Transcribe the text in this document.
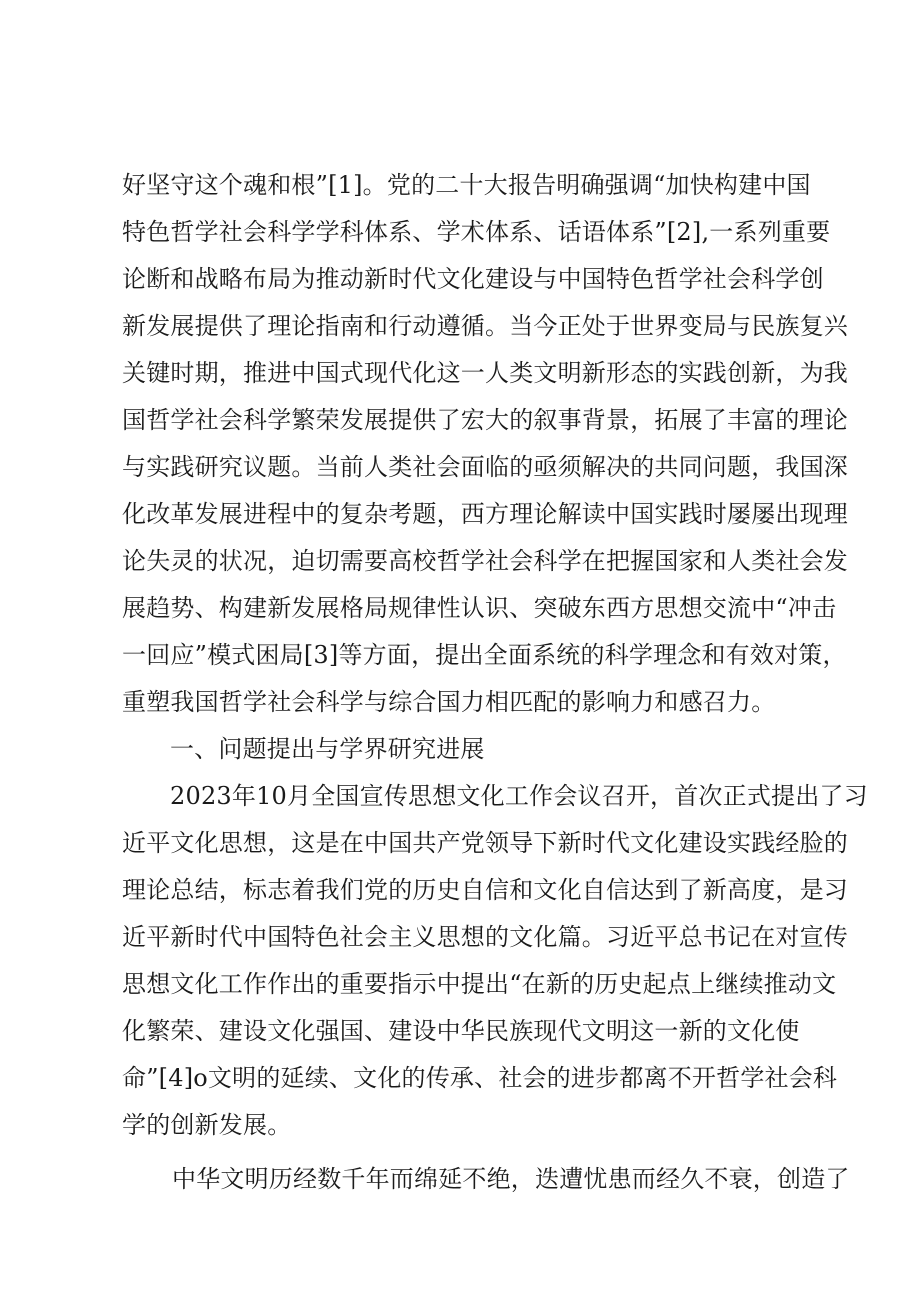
好坚守这个魂和根”[1]。党的二十大报告明确强调“加快构建中国
特色哲学社会科学学科体系、学术体系、话语体系”[2],一系列重要
论断和战略布局为推动新时代文化建设与中国特色哲学社会科学创
新发展提供了理论指南和行动遵循。当今正处于世界变局与民族复兴
关键时期，推进中国式现代化这一人类文明新形态的实践创新，为我
国哲学社会科学繁荣发展提供了宏大的叙事背景，拓展了丰富的理论
与实践研究议题。当前人类社会面临的亟须解决的共同问题，我国深
化改革发展进程中的复杂考题，西方理论解读中国实践时屡屡出现理
论失灵的状况，迫切需要高校哲学社会科学在把握国家和人类社会发
展趋势、构建新发展格局规律性认识、突破东西方思想交流中“冲击
一回应”模式困局[3]等方面，提出全面系统的科学理念和有效对策，
重塑我国哲学社会科学与综合国力相匹配的影响力和感召力。
一、问题提出与学界研究进展
2023年10月全国宣传思想文化工作会议召开，首次正式提出了习
近平文化思想，这是在中国共产党领导下新时代文化建设实践经脸的
理论总结，标志着我们党的历史自信和文化自信达到了新高度，是习
近平新时代中国特色社会主义思想的文化篇。习近平总书记在对宣传
思想文化工作作出的重要指示中提出“在新的历史起点上继续推动文
化繁荣、建设文化强国、建设中华民族现代文明这一新的文化使
命”[4]o文明的延续、文化的传承、社会的进步都离不开哲学社会科
学的创新发展。
中华文明历经数千年而绵延不绝，迭遭忧患而经久不衰，创造了
